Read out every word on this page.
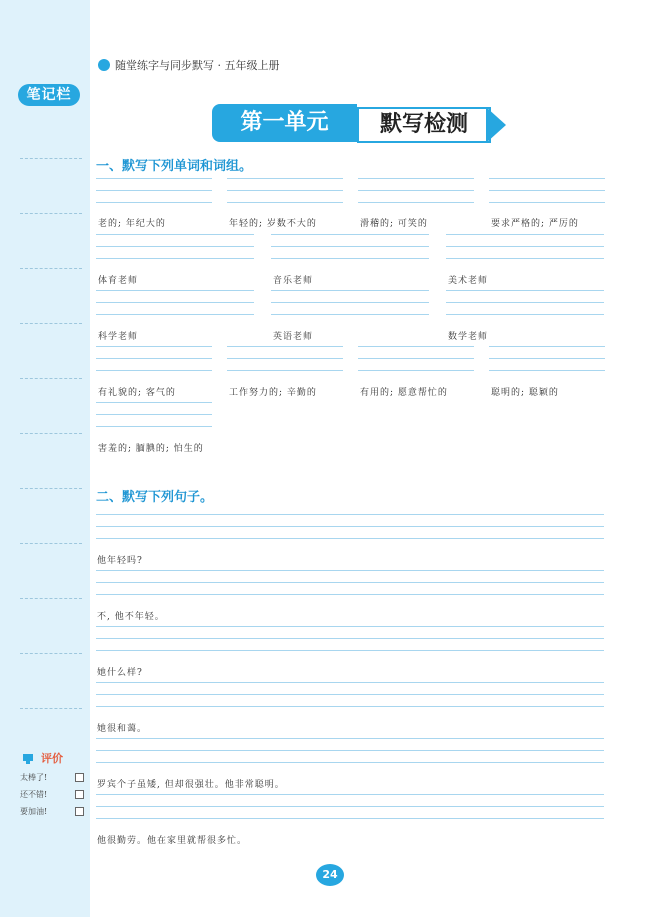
笔记栏
评价
太棒了!
还不错!
要加油!
随堂练字与同步默写 · 五年级上册
第一单元	默写检测
一、默写下列单词和词组。
老的; 年纪大的	年轻的; 岁数不大的	滑稽的; 可笑的	要求严格的; 严厉的
体育老师	音乐老师	美术老师
科学老师	英语老师	数学老师
有礼貌的; 客气的	工作努力的; 辛勤的	有用的; 愿意帮忙的	聪明的; 聪颖的
害羞的; 腼腆的; 怕生的
二、默写下列句子。
他年轻吗?
不, 他不年轻。
她什么样?
她很和蔼。
罗宾个子虽矮, 但却很强壮。他非常聪明。
他很勤劳。他在家里就帮很多忙。
24
